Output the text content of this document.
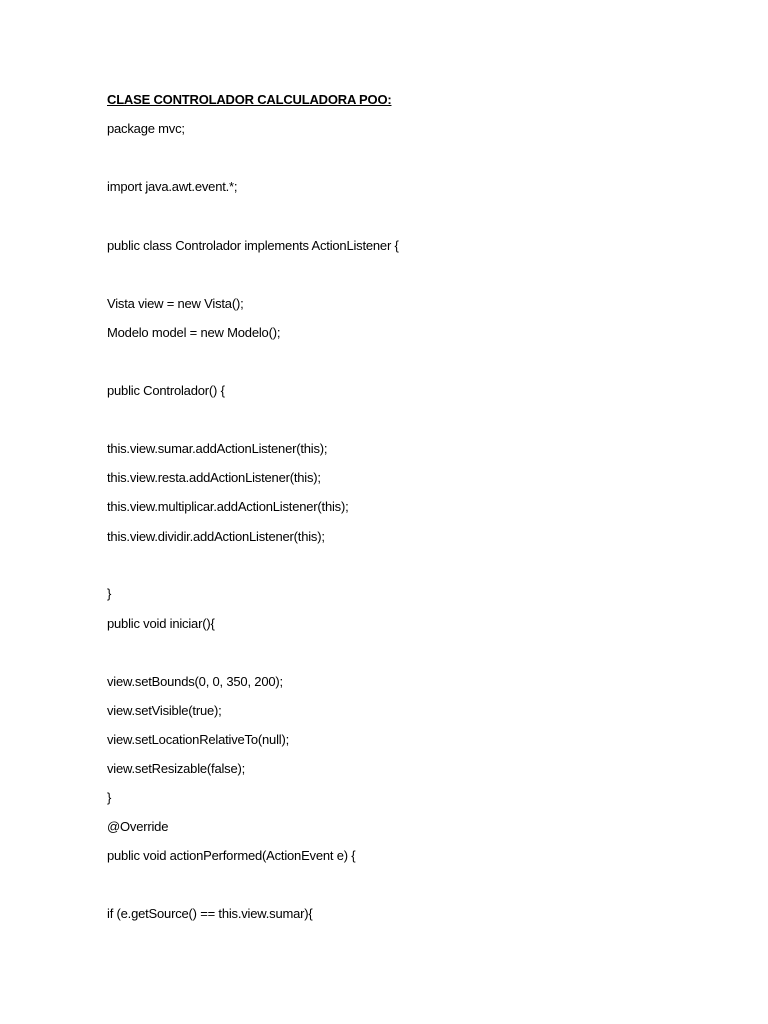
CLASE CONTROLADOR CALCULADORA POO:
package mvc;
import java.awt.event.*;
public class Controlador implements ActionListener {
Vista view = new Vista();
Modelo model = new Modelo();
public Controlador() {
this.view.sumar.addActionListener(this);
this.view.resta.addActionListener(this);
this.view.multiplicar.addActionListener(this);
this.view.dividir.addActionListener(this);
}
public void iniciar(){
view.setBounds(0, 0, 350, 200);
view.setVisible(true);
view.setLocationRelativeTo(null);
view.setResizable(false);
}
@Override
public void actionPerformed(ActionEvent e) {
if (e.getSource() == this.view.sumar){
